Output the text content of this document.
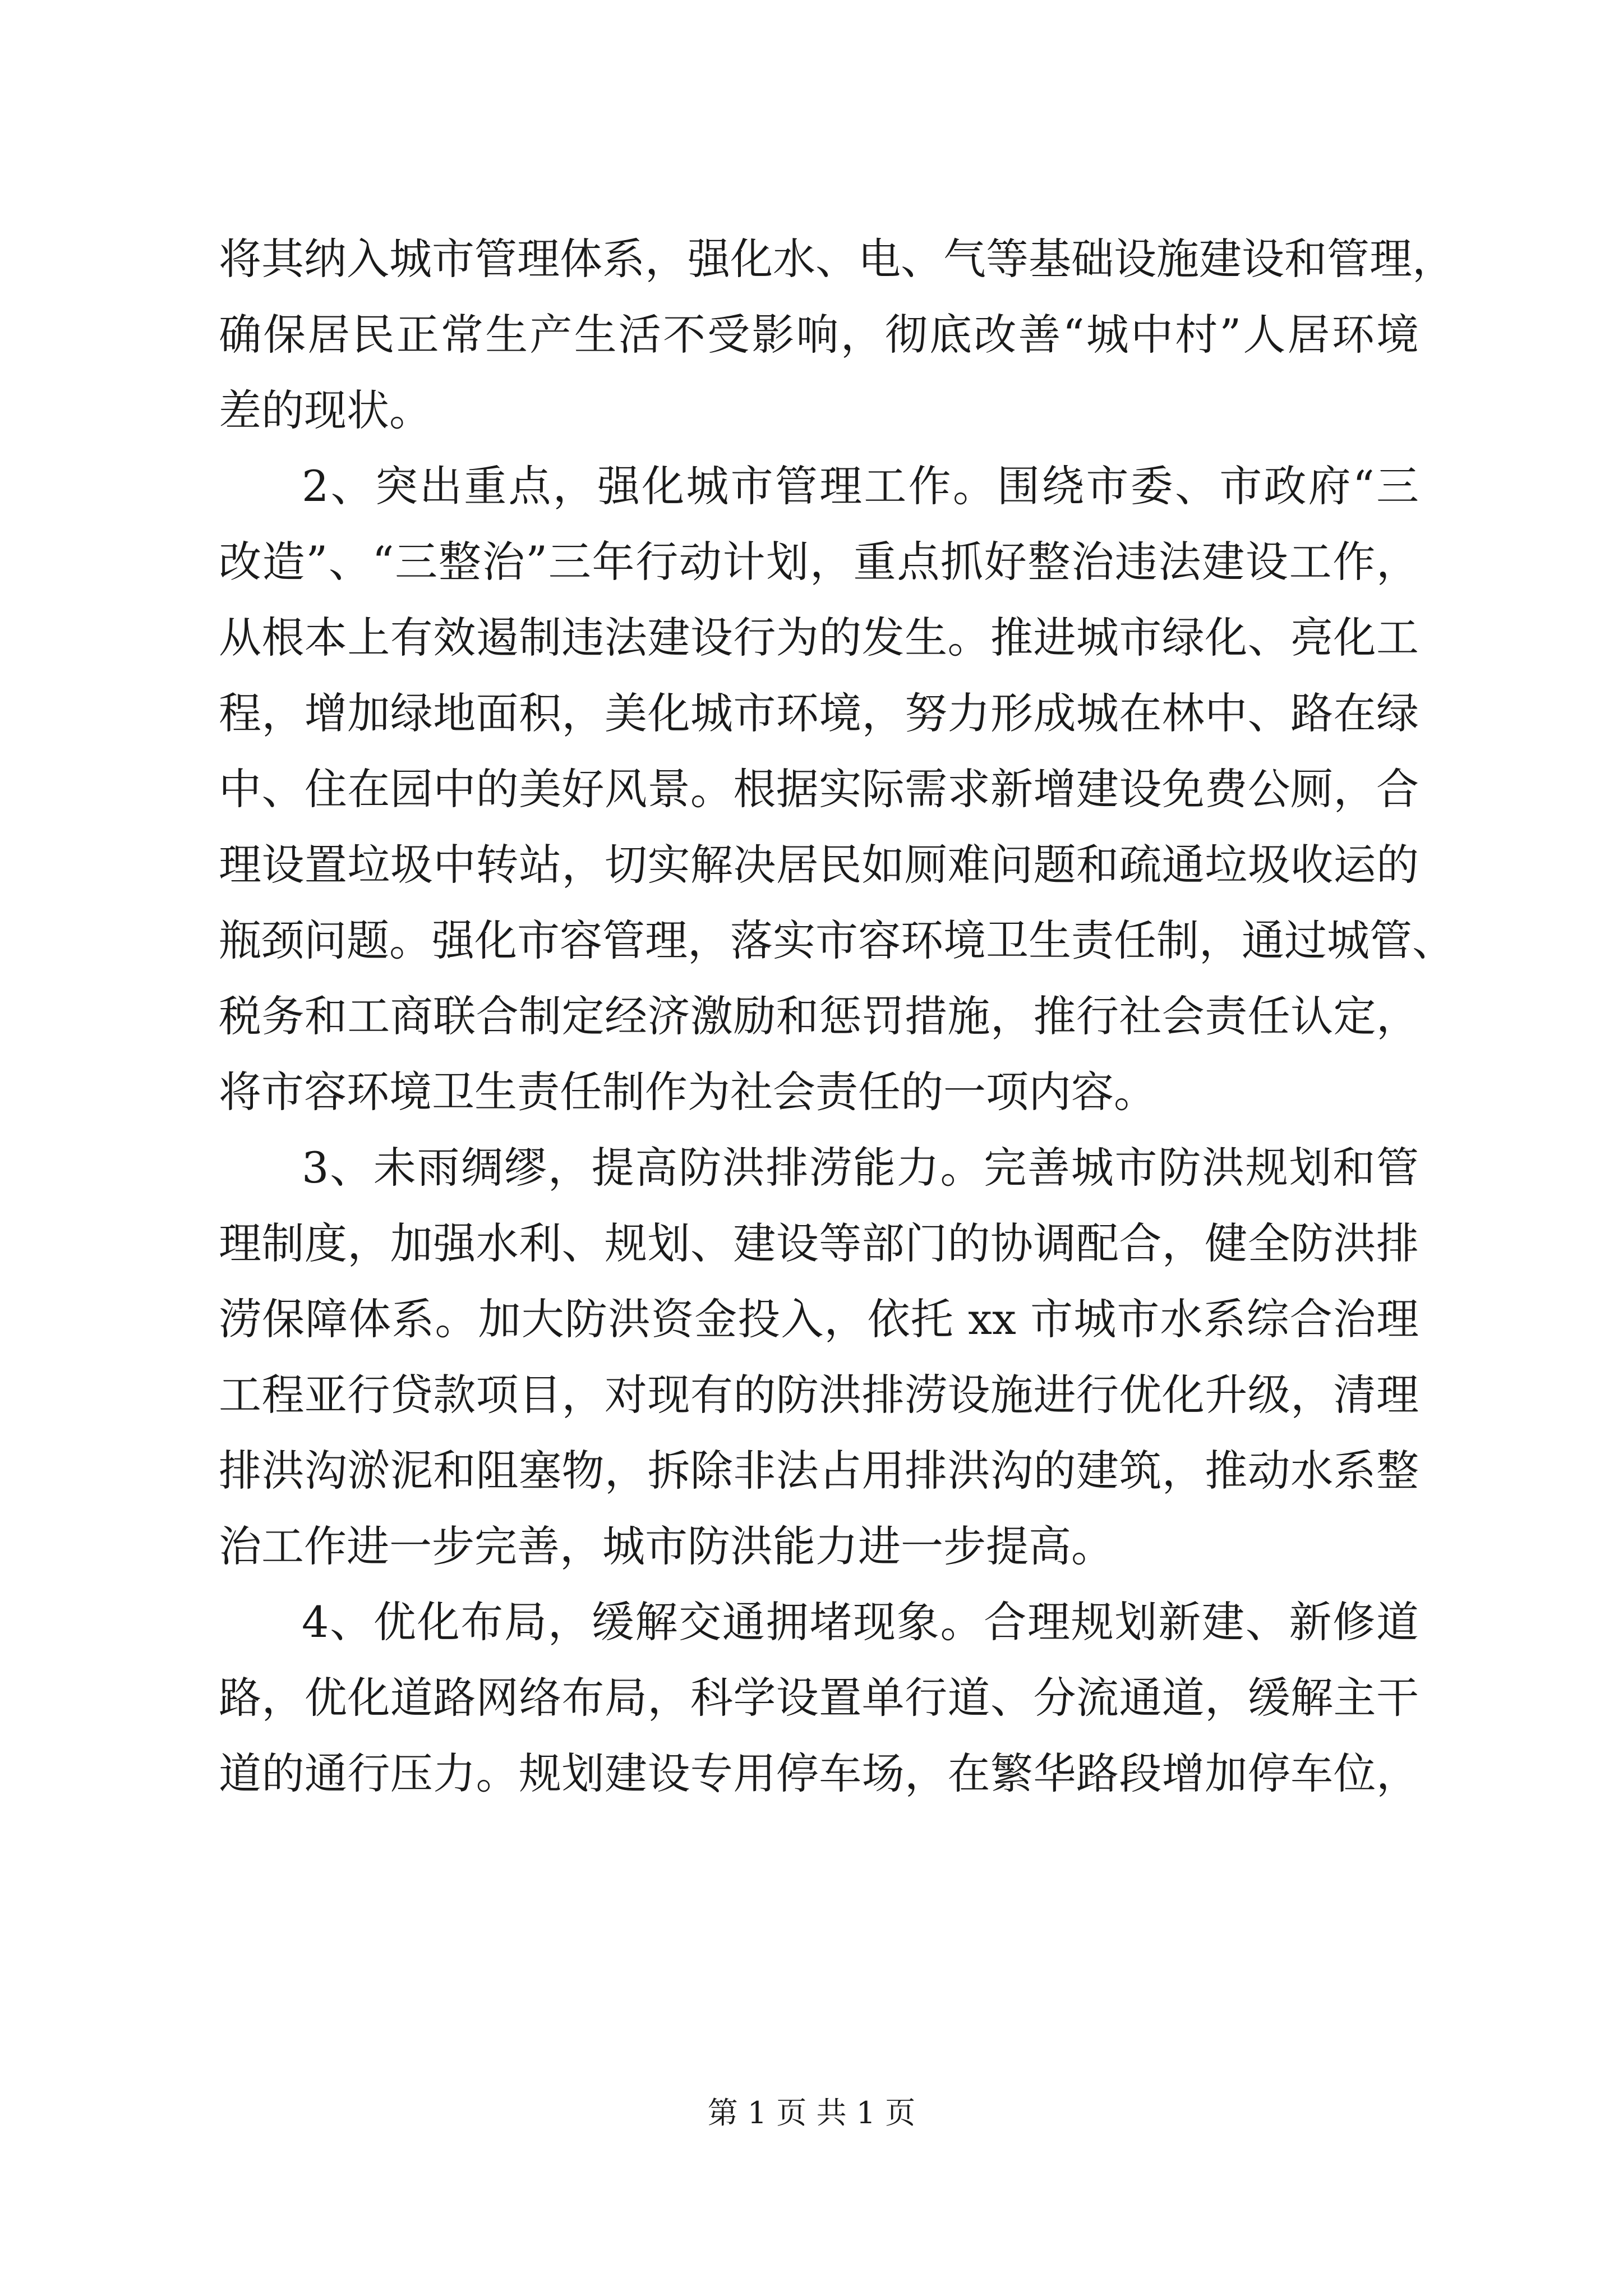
将其纳入城市管理体系，强化水、电、气等基础设施建设和管理，
确保居民正常生产生活不受影响，彻底改善“城中村”人居环境
差的现状。
2、突出重点，强化城市管理工作。围绕市委、市政府“三
改造”、“三整治”三年行动计划，重点抓好整治违法建设工作，
从根本上有效遏制违法建设行为的发生。推进城市绿化、亮化工
程，增加绿地面积，美化城市环境，努力形成城在林中、路在绿
中、住在园中的美好风景。根据实际需求新增建设免费公厕，合
理设置垃圾中转站，切实解决居民如厕难问题和疏通垃圾收运的
瓶颈问题。强化市容管理，落实市容环境卫生责任制，通过城管、
税务和工商联合制定经济激励和惩罚措施，推行社会责任认定，
将市容环境卫生责任制作为社会责任的一项内容。
3、未雨绸缪，提高防洪排涝能力。完善城市防洪规划和管
理制度，加强水利、规划、建设等部门的协调配合，健全防洪排
涝保障体系。加大防洪资金投入，依托 xx 市城市水系综合治理
工程亚行贷款项目，对现有的防洪排涝设施进行优化升级，清理
排洪沟淤泥和阻塞物，拆除非法占用排洪沟的建筑，推动水系整
治工作进一步完善，城市防洪能力进一步提高。
4、优化布局，缓解交通拥堵现象。合理规划新建、新修道
路，优化道路网络布局，科学设置单行道、分流通道，缓解主干
道的通行压力。规划建设专用停车场，在繁华路段增加停车位，
第 1 页 共 1 页
